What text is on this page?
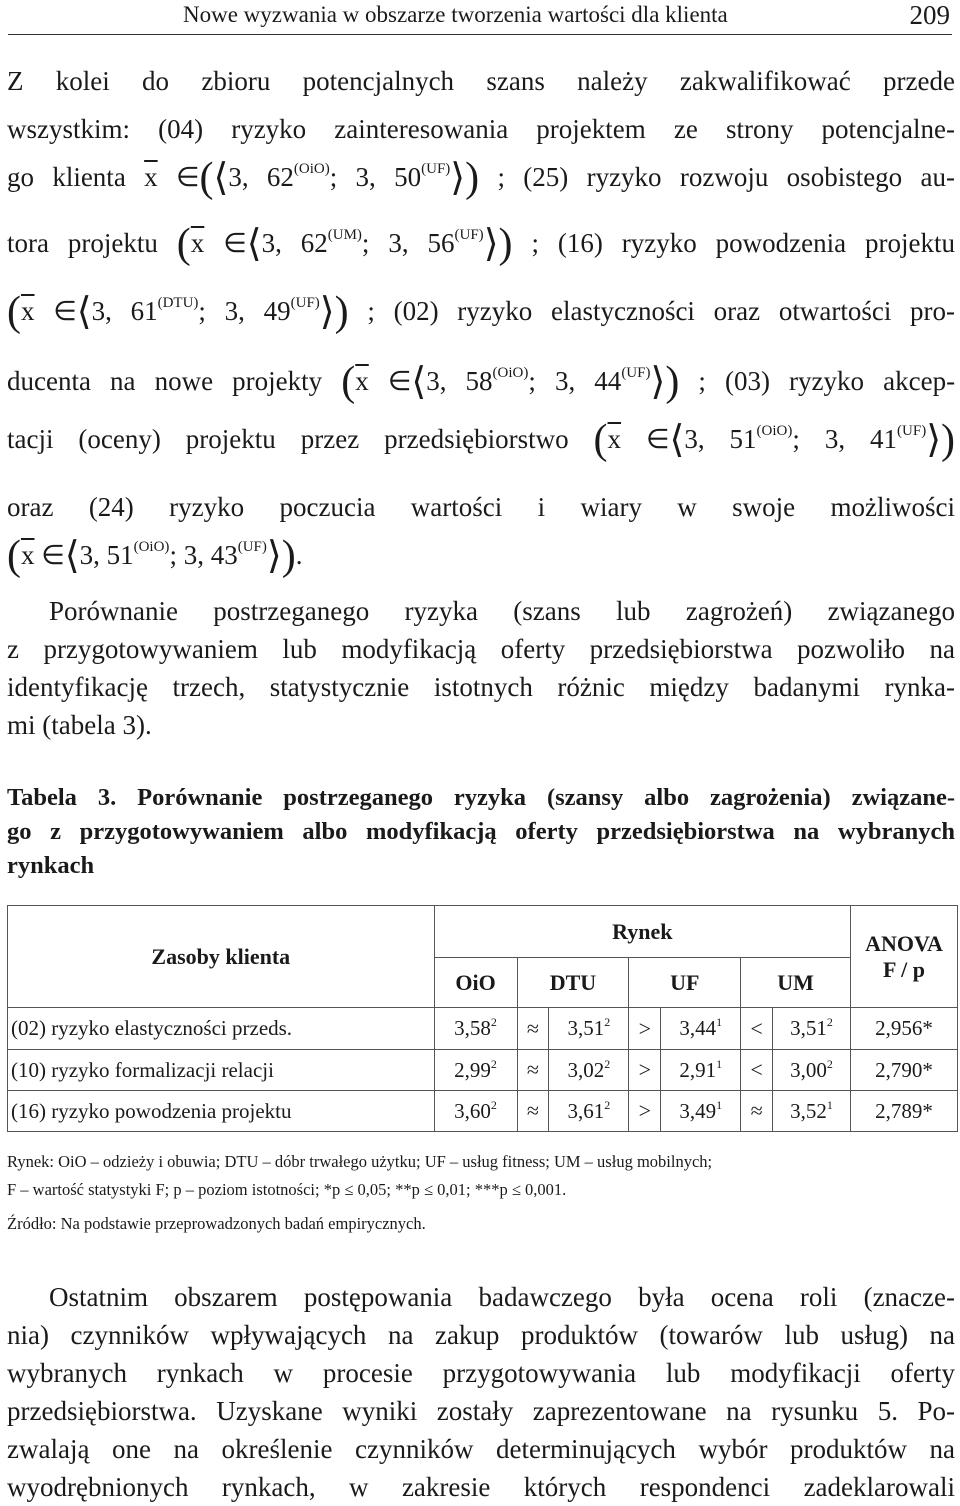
Nowe wyzwania w obszarze tworzenia wartości dla klienta	209
Z kolei do zbioru potencjalnych szans należy zakwalifikować przede
wszystkim: (04) ryzyko zainteresowania projektem ze strony potencjalne-
go klienta $\overline{x}$ ∈(⟨3, $62^{(OiO)}$; 3, $50^{(UF)}⟩$) ; (25) ryzyko rozwoju osobistego au-
tora projektu ($\overline{x}$ ∈⟨3, $62^{(UM)}$; 3, $56^{(UF)}⟩$) ; (16) ryzyko powodzenia projektu
($\overline{x}$ ∈⟨3, $61^{(DTU)}$; 3, $49^{(UF)}⟩$) ; (02) ryzyko elastyczności oraz otwartości pro-
ducenta na nowe projekty ($\overline{x}$ ∈⟨3, $58^{(OiO)}$; 3, $44^{(UF)}⟩$) ; (03) ryzyko akcep-
tacji (oceny) projektu przez przedsiębiorstwo ($\overline{x}$ ∈⟨3, $51^{(OiO)}$; 3, $41^{(UF)}⟩$)
oraz (24) ryzyko poczucia wartości i wiary w swoje możliwości
($\overline{x}$ ∈⟨3, $51^{(OiO)}$; 3, $43^{(UF)}⟩$).
Porównanie postrzeganego ryzyka (szans lub zagrożeń) związanego
z przygotowywaniem lub modyfikacją oferty przedsiębiorstwa pozwoliło na
identyfikację trzech, statystycznie istotnych różnic między badanymi rynka-
mi (tabela 3).
Tabela 3. Porównanie postrzeganego ryzyka (szansy albo zagrożenia) związane-
go z przygotowywaniem albo modyfikacją oferty przedsiębiorstwa na wybranych
rynkach
Zasoby klienta	Rynek							ANOVA
F / p

	OiO	DTU		UF		UM		
(02) ryzyko elastyczności przeds.	$3,58^2$	≈	$3,51^2$	>	$3,44^1$	<	$3,51^2$	2,956*
(10) ryzyko formalizacji relacji	$2,99^2$	≈	$3,02^2$	>	$2,91^1$	<	$3,00^2$	2,790*
(16) ryzyko powodzenia projektu	$3,60^2$	≈	$3,61^2$	>	$3,49^1$	≈	$3,52^1$	2,789*
Rynek: OiO – odzieży i obuwia; DTU – dóbr trwałego użytku; UF – usług fitness; UM – usług mobilnych;
F – wartość statystyki F; p – poziom istotności; *p ≤ 0,05; **p ≤ 0,01; ***p ≤ 0,001.
Źródło: Na podstawie przeprowadzonych badań empirycznych.
Ostatnim obszarem postępowania badawczego była ocena roli (znacze-
nia) czynników wpływających na zakup produktów (towarów lub usług) na
wybranych rynkach w procesie przygotowywania lub modyfikacji oferty
przedsiębiorstwa. Uzyskane wyniki zostały zaprezentowane na rysunku 5. Po-
zwalają one na określenie czynników determinujących wybór produktów na
wyodrębnionych rynkach, w zakresie których respondenci zadeklarowali
